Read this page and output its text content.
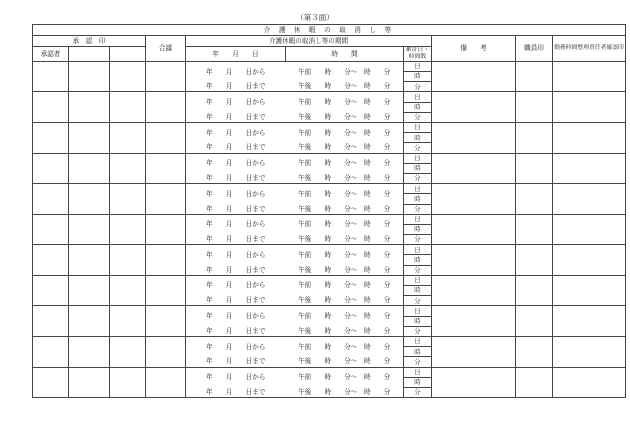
（第３面）
介 護 休 暇 の 取 消 し 等									
承　認　印			合議	介護休暇の取消し等の期間			備　　考	職員印	勤務時間整理責任者確認印
承認者				年　　月　　日	時　　間	累計日・時間数			

				年　　月　　日から	午前　　時　　分～　時　　分	日			
						時			
				年　　月　　日まで	午後　　時　　分～　時　　分	分			
				年　　月　　日から	午前　　時　　分～　時　　分	日			
						時			
				年　　月　　日まで	午後　　時　　分～　時　　分	分			
				年　　月　　日から	午前　　時　　分～　時　　分	日			
						時			
				年　　月　　日まで	午後　　時　　分～　時　　分	分			
				年　　月　　日から	午前　　時　　分～　時　　分	日			
						時			
				年　　月　　日まで	午後　　時　　分～　時　　分	分			
				年　　月　　日から	午前　　時　　分～　時　　分	日			
						時			
				年　　月　　日まで	午後　　時　　分～　時　　分	分			
				年　　月　　日から	午前　　時　　分～　時　　分	日			
						時			
				年　　月　　日まで	午後　　時　　分～　時　　分	分			
				年　　月　　日から	午前　　時　　分～　時　　分	日			
						時			
				年　　月　　日まで	午後　　時　　分～　時　　分	分			
				年　　月　　日から	午前　　時　　分～　時　　分	日			
						時			
				年　　月　　日まで	午後　　時　　分～　時　　分	分			
				年　　月　　日から	午前　　時　　分～　時　　分	日			
						時			
				年　　月　　日まで	午後　　時　　分～　時　　分	分			
				年　　月　　日から	午前　　時　　分～　時　　分	日			
						時			
				年　　月　　日まで	午後　　時　　分～　時　　分	分			
				年　　月　　日から	午前　　時　　分～　時　　分	日			
						時			
				年　　月　　日まで	午後　　時　　分～　時　　分	分			
